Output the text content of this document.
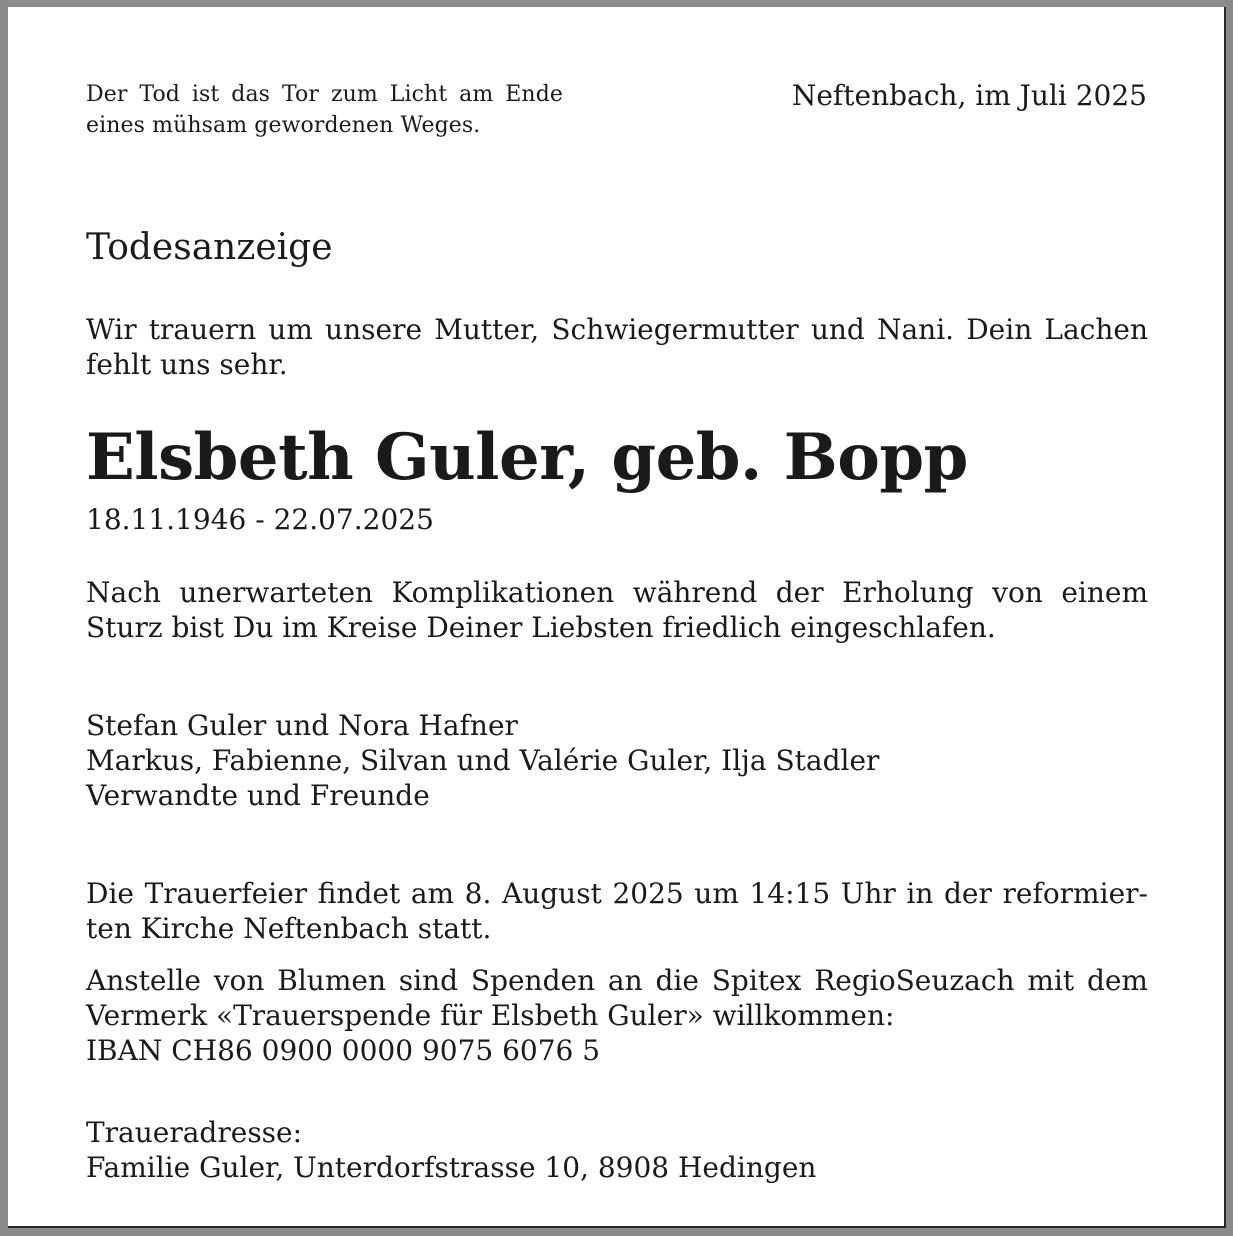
Der Tod ist das Tor zum Licht am Ende eines mühsam gewordenen Weges.

Neftenbach, im Juli 2025

Todesanzeige

Wir trauern um unsere Mutter, Schwiegermutter und Nani. Dein Lachen fehlt uns sehr.

Elsbeth Guler, geb. Bopp

18.11.1946 - 22.07.2025

Nach unerwarteten Komplikationen während der Erholung von einem Sturz bist Du im Kreise Deiner Liebsten friedlich eingeschlafen.

Stefan Guler und Nora Hafner
Markus, Fabienne, Silvan und Valérie Guler, Ilja Stadler
Verwandte und Freunde

Die Trauerfeier findet am 8. August 2025 um 14:15 Uhr in der reformierten Kirche Neftenbach statt.

Anstelle von Blumen sind Spenden an die Spitex RegioSeuzach mit dem Vermerk «Trauerspende für Elsbeth Guler» willkommen:
IBAN CH86 0900 0000 9075 6076 5
Traueradresse:
Familie Guler, Unterdorfstrasse 10, 8908 Hedingen
